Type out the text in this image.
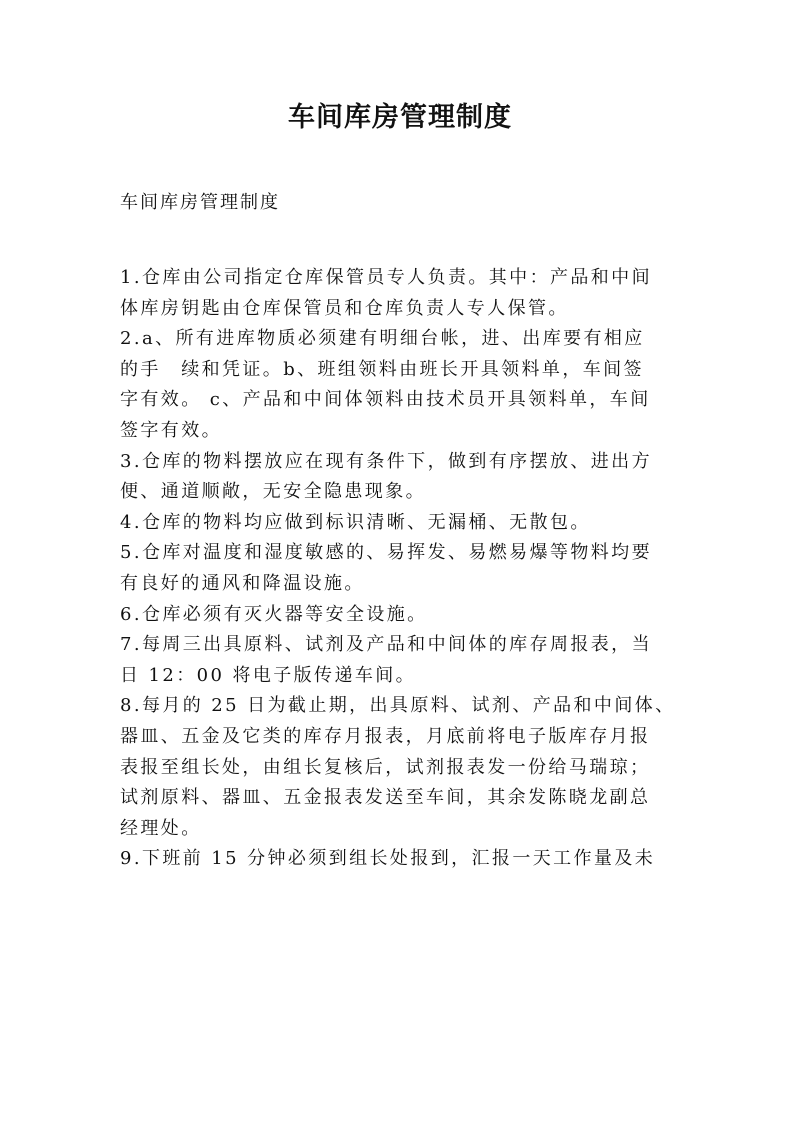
车间库房管理制度

车间库房管理制度

1.仓库由公司指定仓库保管员专人负责。其中：产品和中间
体库房钥匙由仓库保管员和仓库负责人专人保管。
2.a、所有进库物质必须建有明细台帐，进、出库要有相应
的手　续和凭证。b、班组领料由班长开具领料单，车间签
字有效。 c、产品和中间体领料由技术员开具领料单，车间
签字有效。
3.仓库的物料摆放应在现有条件下，做到有序摆放、进出方
便、通道顺敞，无安全隐患现象。
4.仓库的物料均应做到标识清晰、无漏桶、无散包。
5.仓库对温度和湿度敏感的、易挥发、易燃易爆等物料均要
有良好的通风和降温设施。
6.仓库必须有灭火器等安全设施。
7.每周三出具原料、试剂及产品和中间体的库存周报表，当
日 12：00 将电子版传递车间。
8.每月的 25 日为截止期，出具原料、试剂、产品和中间体、
器皿、五金及它类的库存月报表，月底前将电子版库存月报
表报至组长处，由组长复核后，试剂报表发一份给马瑞琼；
试剂原料、器皿、五金报表发送至车间，其余发陈晓龙副总
经理处。
9.下班前 15 分钟必须到组长处报到，汇报一天工作量及未
